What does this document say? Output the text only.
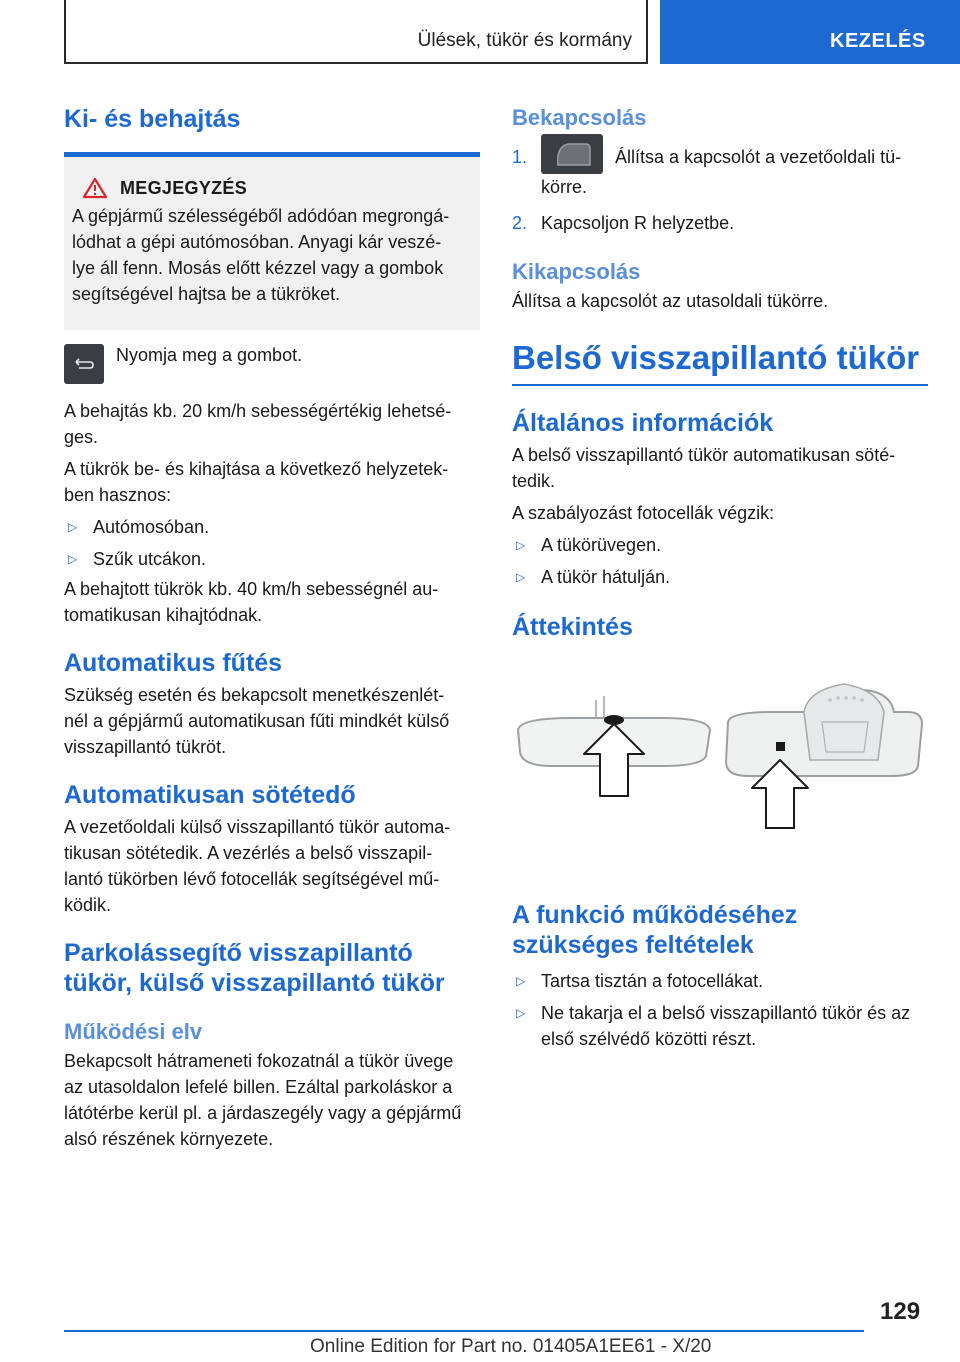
Ülések, tükör és kormány	KEZELÉS
Ki- és behajtás
MEGJEGYZÉS

A gépjármű szélességéből adódóan megrongá-

lódhat a gépi autómosóban. Anyagi kár veszé-

lye áll fenn. Mosás előtt kézzel vagy a gombok

segítségével hajtsa be a tükröket.

Nyomja meg a gombot.

A behajtás kb. 20 km/h sebességértékig lehetsé-

ges.

A tükrök be- és kihajtása a következő helyzetek-

ben hasznos:

▷ Autómosóban.
▷ Szűk utcákon.

A behajtott tükrök kb. 40 km/h sebességnél au-

tomatikusan kihajtódnak.

Automatikus fűtés

Szükség esetén és bekapcsolt menetkészenlét-

nél a gépjármű automatikusan fűti mindkét külső

visszapillantó tükröt.

Automatikusan sötétedő

A vezetőoldali külső visszapillantó tükör automa-

tikusan sötétedik. A vezérlés a belső visszapil-

lantó tükörben lévő fotocellák segítségével mű-

ködik.

Parkolássegítő visszapillantó
tükör, külső visszapillantó tükör
Működési elv

Bekapcsolt hátrameneti fokozatnál a tükör üvege

az utasoldalon lefelé billen. Ezáltal parkoláskor a

látótérbe kerül pl. a járdaszegély vagy a gépjármű

alsó részének környezete.

Bekapcsolás
1.	Állítsa a kapcsolót a vezetőoldali tü-
körre.
2. Kapcsoljon R helyzetbe.
Kikapcsolás

Állítsa a kapcsolót az utasoldali tükörre.

Belső visszapillantó tükör
Általános információk

A belső visszapillantó tükör automatikusan söté-

tedik.

A szabályozást fotocellák végzik:

▷ A tükörüvegen.
▷ A tükör hátulján.
Áttekintés
A funkció működéséhez
szükséges feltételek
▷ Tartsa tisztán a fotocellákat.
▷ Ne takarja el a belső visszapillantó tükör és az
első szélvédő közötti részt.
129
Online Edition for Part no. 01405A1EE61 - X/20
